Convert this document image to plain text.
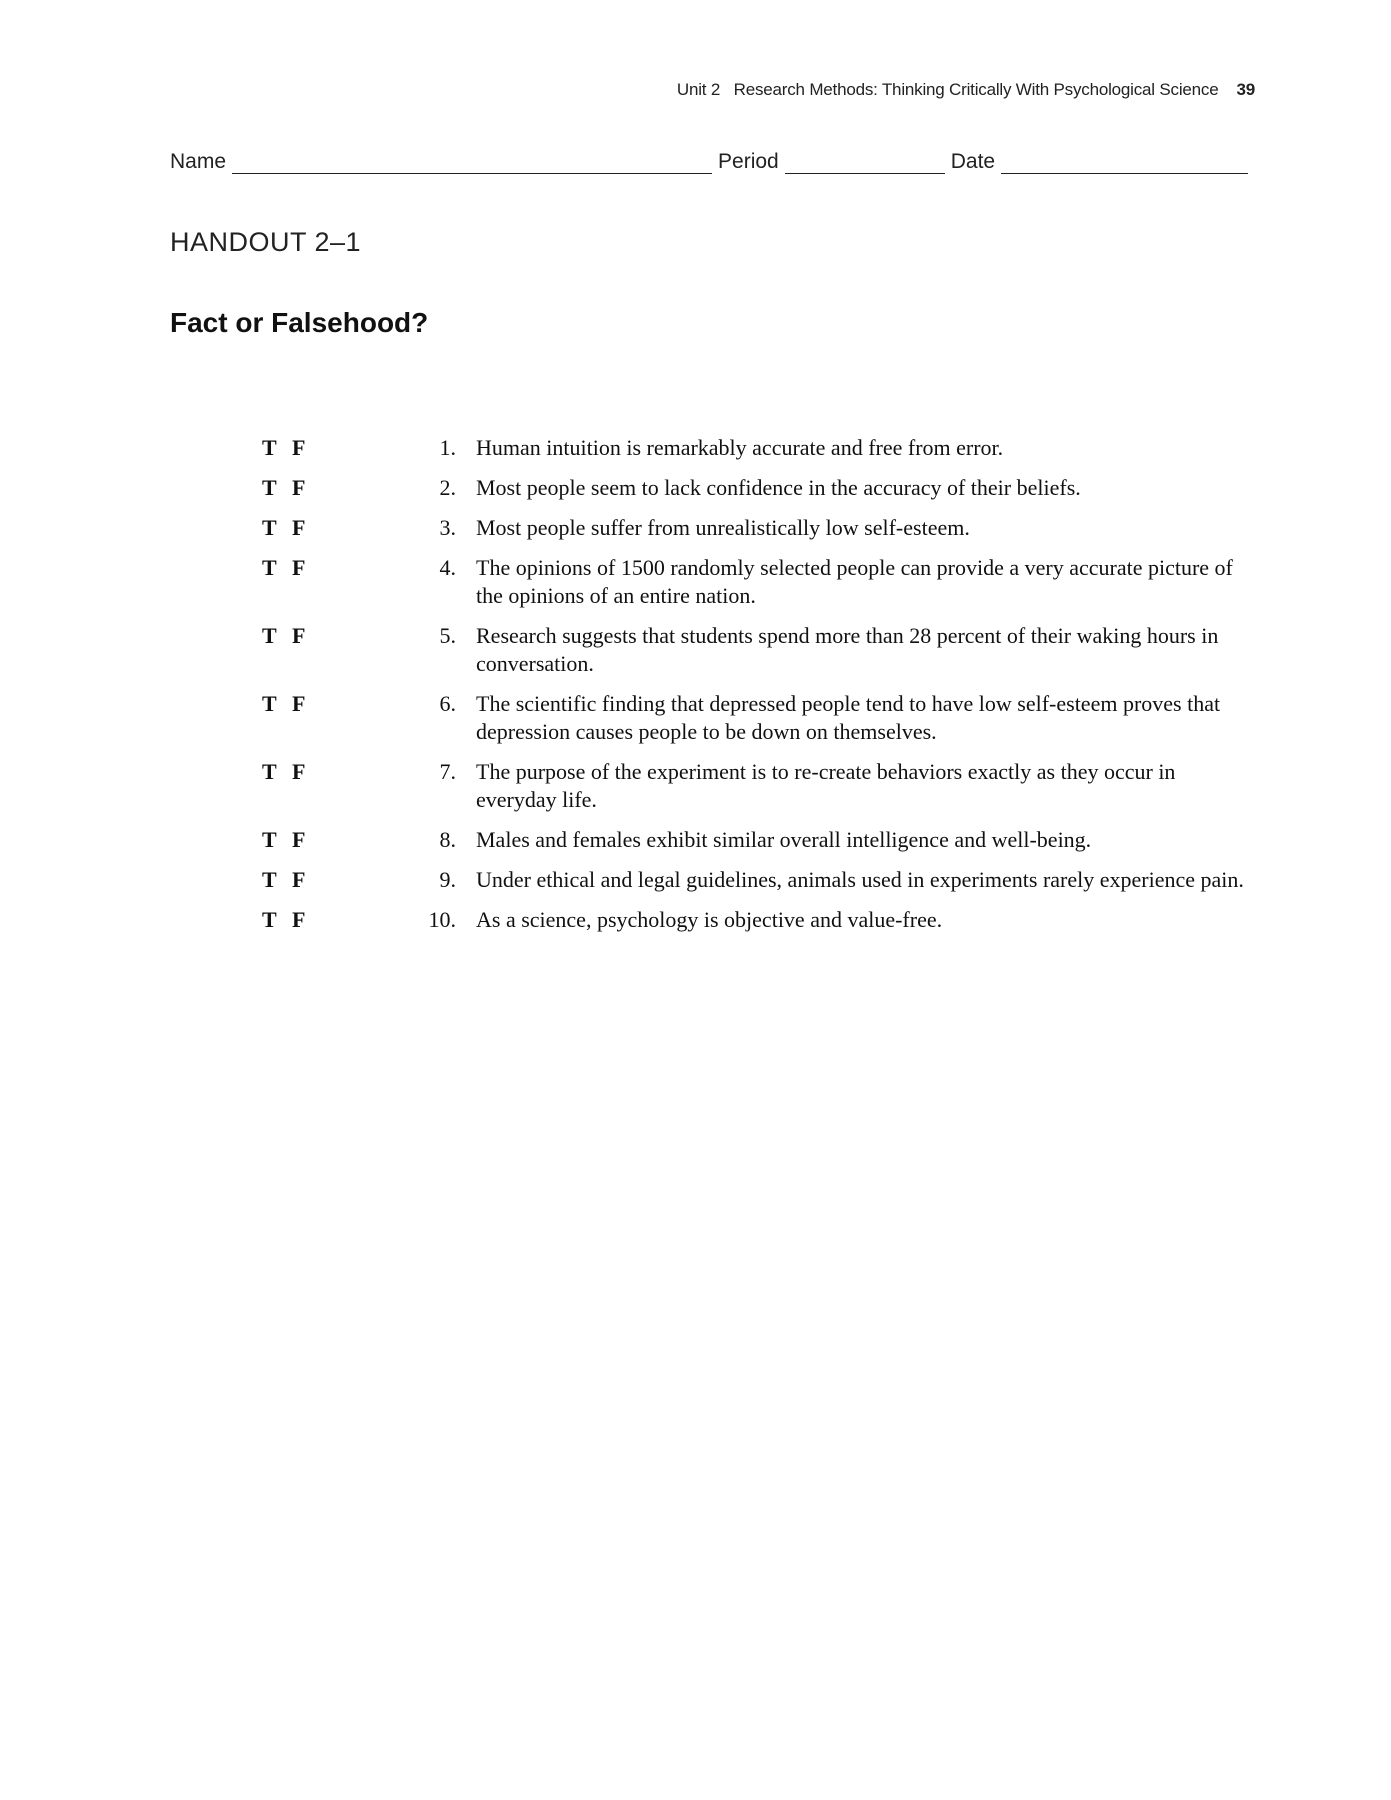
Unit 2   Research Methods: Thinking Critically With Psychological Science 39
Name	Period	Date
HANDOUT 2–1
Fact or Falsehood?
T F	1. Human intuition is remarkably accurate and free from error.
T F	2. Most people seem to lack confidence in the accuracy of their beliefs.
T F	3. Most people suffer from unrealistically low self-esteem.
T F	4. The opinions of 1500 randomly selected people can provide a very accurate picture of the opinions of an entire nation.
T F	5. Research suggests that students spend more than 28 percent of their waking hours in conversation.
T F	6. The scientific finding that depressed people tend to have low self-esteem proves that depression causes people to be down on themselves.
T F	7. The purpose of the experiment is to re-create behaviors exactly as they occur in everyday life.
T F	8. Males and females exhibit similar overall intelligence and well-being.
T F	9. Under ethical and legal guidelines, animals used in experiments rarely experience pain.
T F	10. As a science, psychology is objective and value-free.
